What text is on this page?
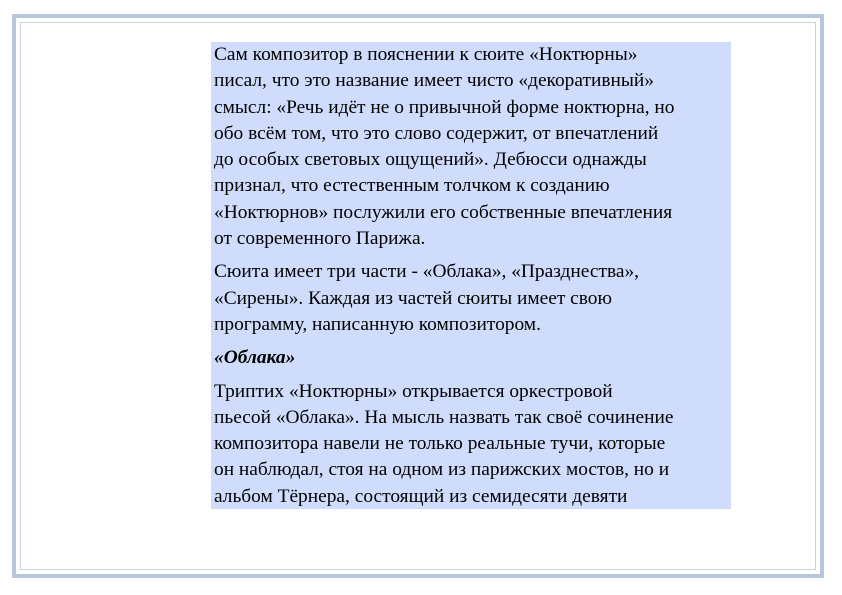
Сам композитор в пояснении к сюите «Ноктюрны»
писал, что это название имеет чисто «декоративный»
смысл: «Речь идёт не о привычной форме ноктюрна, но
обо всём том, что это слово содержит, от впечатлений
до особых световых ощущений». Дебюсси однажды
признал, что естественным толчком к созданию
«Ноктюрнов» послужили его собственные впечатления
от современного Парижа.

Сюита имеет три части - «Облака», «Празднества»,
«Сирены». Каждая из частей сюиты имеет свою
программу, написанную композитором.

«Облака»

Триптих «Ноктюрны» открывается оркестровой
пьесой «Облака». На мысль назвать так своё сочинение
композитора навели не только реальные тучи, которые
он наблюдал, стоя на одном из парижских мостов, но и
альбом Тёрнера, состоящий из семидесяти девяти
